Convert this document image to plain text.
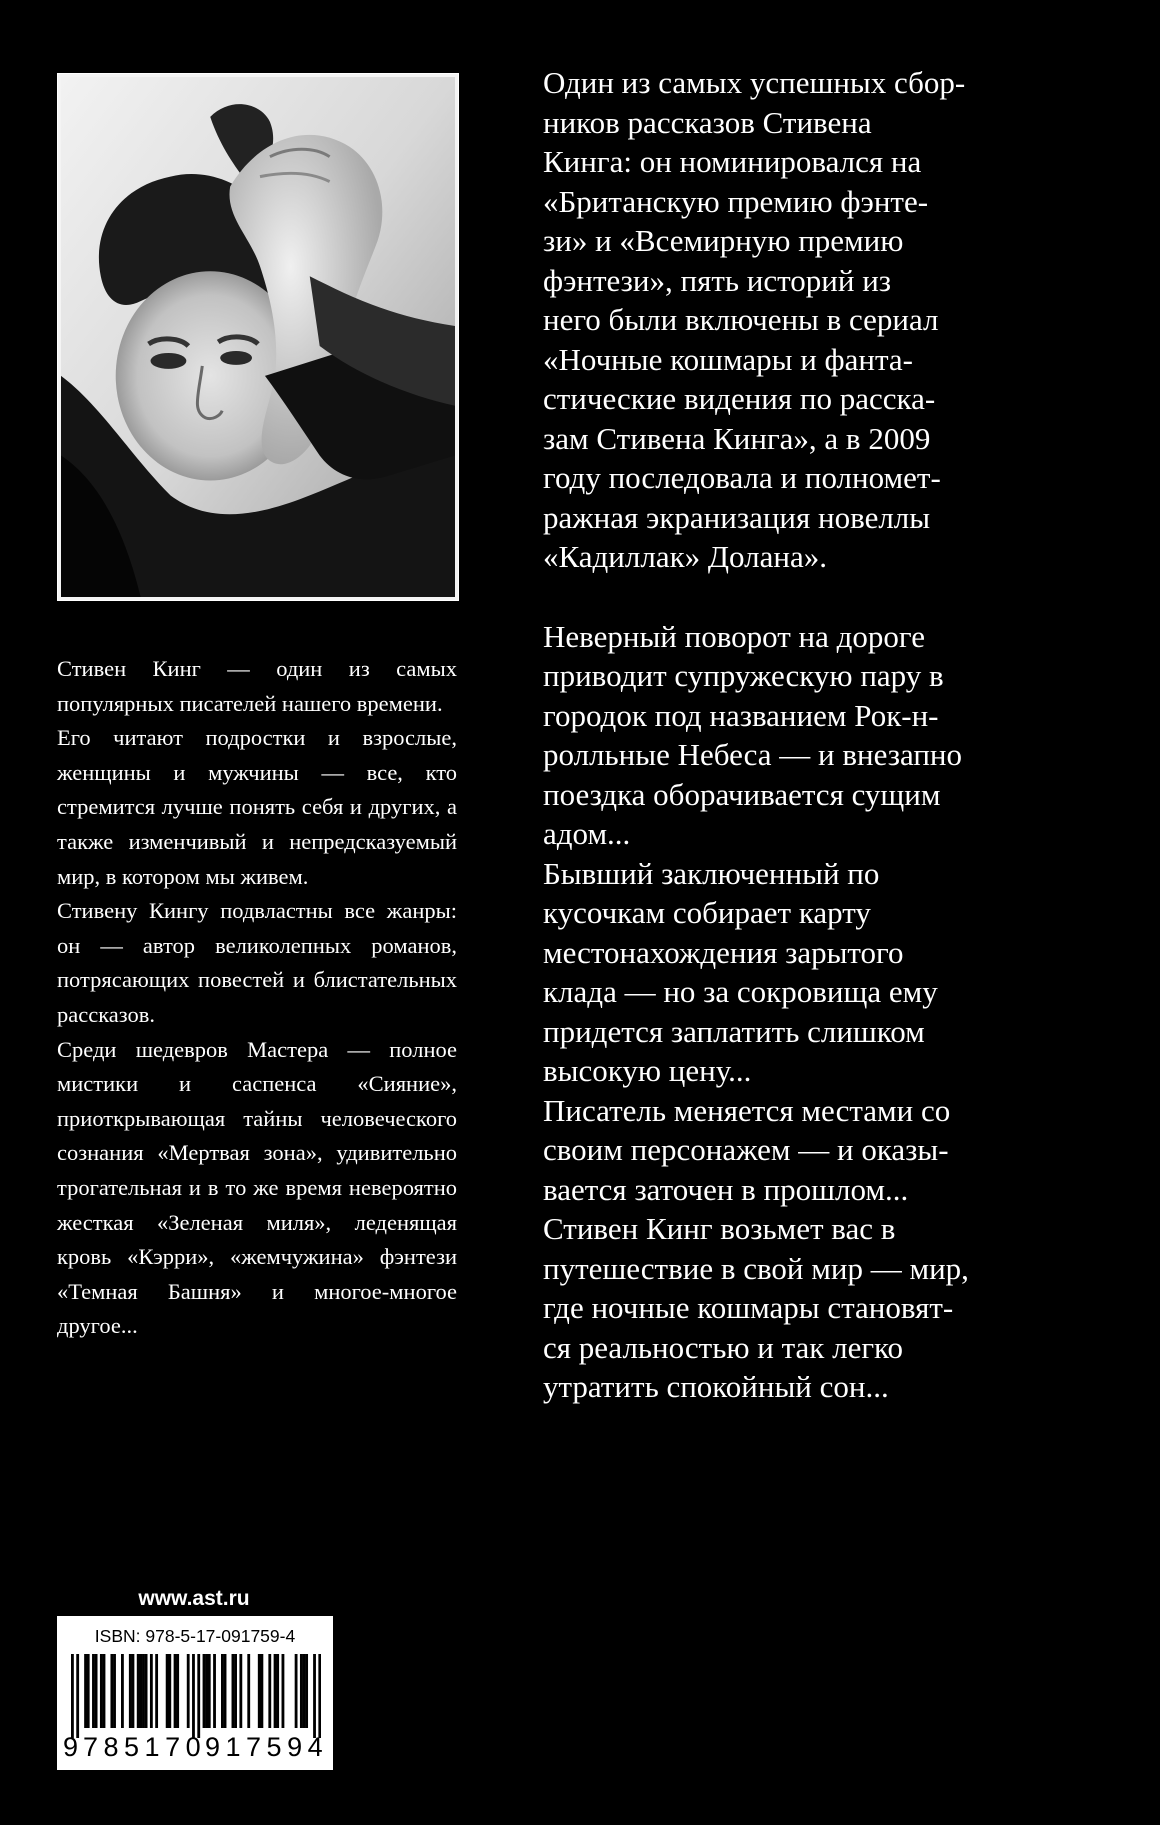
Стивен Кинг — один из самых популярных писателей нашего времени.

Его читают подростки и взрослые, женщины и мужчины — все, кто стремится лучше понять себя и других, а также изменчивый и непредсказуемый мир, в котором мы живем.

Стивену Кингу подвластны все жанры: он — автор великолепных романов, потрясающих повестей и блистательных рассказов.

Среди шедевров Мастера — полное мистики и саспенса «Сияние», приоткрывающая тайны человеческого сознания «Мертвая зона», удивительно трогательная и в то же время невероятно жесткая «Зеленая миля», леденящая кровь «Кэрри», «жемчужина» фэнтези «Темная Башня» и многое-многое другое...

Один из самых успешных сбор-

ников рассказов Стивена

Кинга: он номинировался на

«Британскую премию фэнте-

зи» и «Всемирную премию

фэнтези», пять историй из

него были включены в сериал

«Ночные кошмары и фанта-

стические видения по расска-

зам Стивена Кинга», а в 2009

году последовала и полномет-

ражная экранизация новеллы

«Кадиллак» Долана».

Неверный поворот на дороге

приводит супружескую пару в

городок под названием Рок-н-

ролльные Небеса — и внезапно

поездка оборачивается сущим

адом...

Бывший заключенный по

кусочкам собирает карту

местонахождения зарытого

клада — но за сокровища ему

придется заплатить слишком

высокую цену...

Писатель меняется местами со

своим персонажем — и оказы-

вается заточен в прошлом...

Стивен Кинг возьмет вас в

путешествие в свой мир — мир,

где ночные кошмары становят-

ся реальностью и так легко

утратить спокойный сон...

www.ast.ru
ISBN: 978-5-17-091759-4
9 785170
917594
